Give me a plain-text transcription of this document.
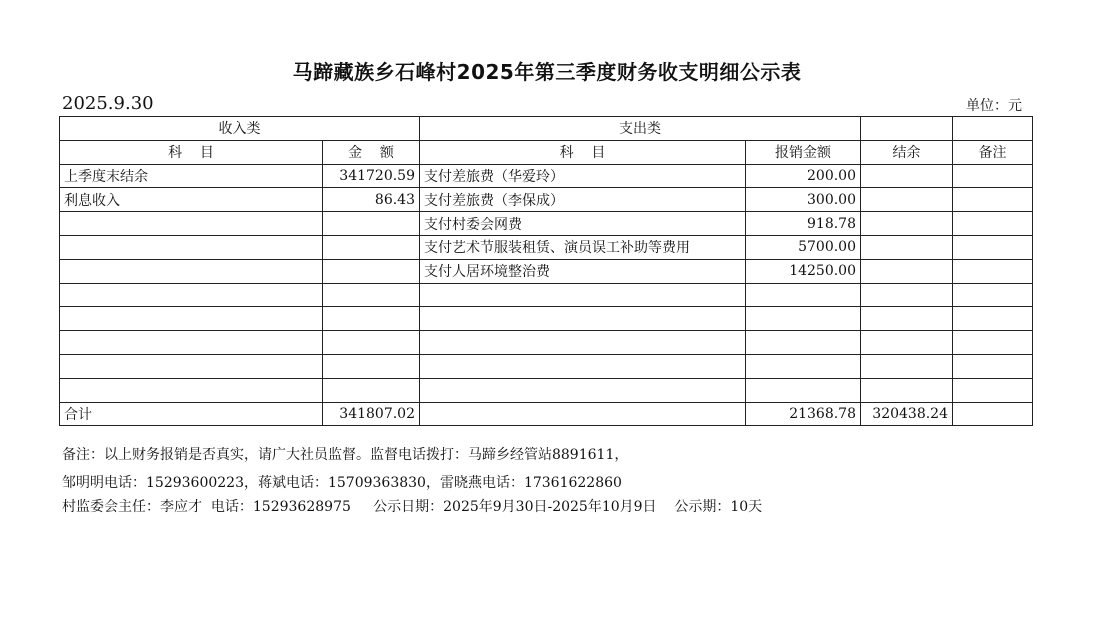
马蹄藏族乡石峰村2025年第三季度财务收支明细公示表
2025.9.30	单位：元
收入类		支出类			
科    目	金    额	科    目	报销金额	结余	备注
上季度末结余	341720.59	支付差旅费（华爱玲）	200.00		
利息收入	86.43	支付差旅费（李保成）	300.00		
		支付村委会网费	918.78		
		支付艺术节服装租赁、演员误工补助等费用	5700.00		
		支付人居环境整治费	14250.00		

合计	341807.02		21368.78	320438.24	
备注：以上财务报销是否真实，请广大社员监督。监督电话拨打：马蹄乡经管站8891611，
邹明明电话：15293600223，蒋斌电话：15709363830，雷晓燕电话：17361622860
村监委会主任：李应才  电话：15293628975     公示日期：2025年9月30日-2025年10月9日    公示期：10天
